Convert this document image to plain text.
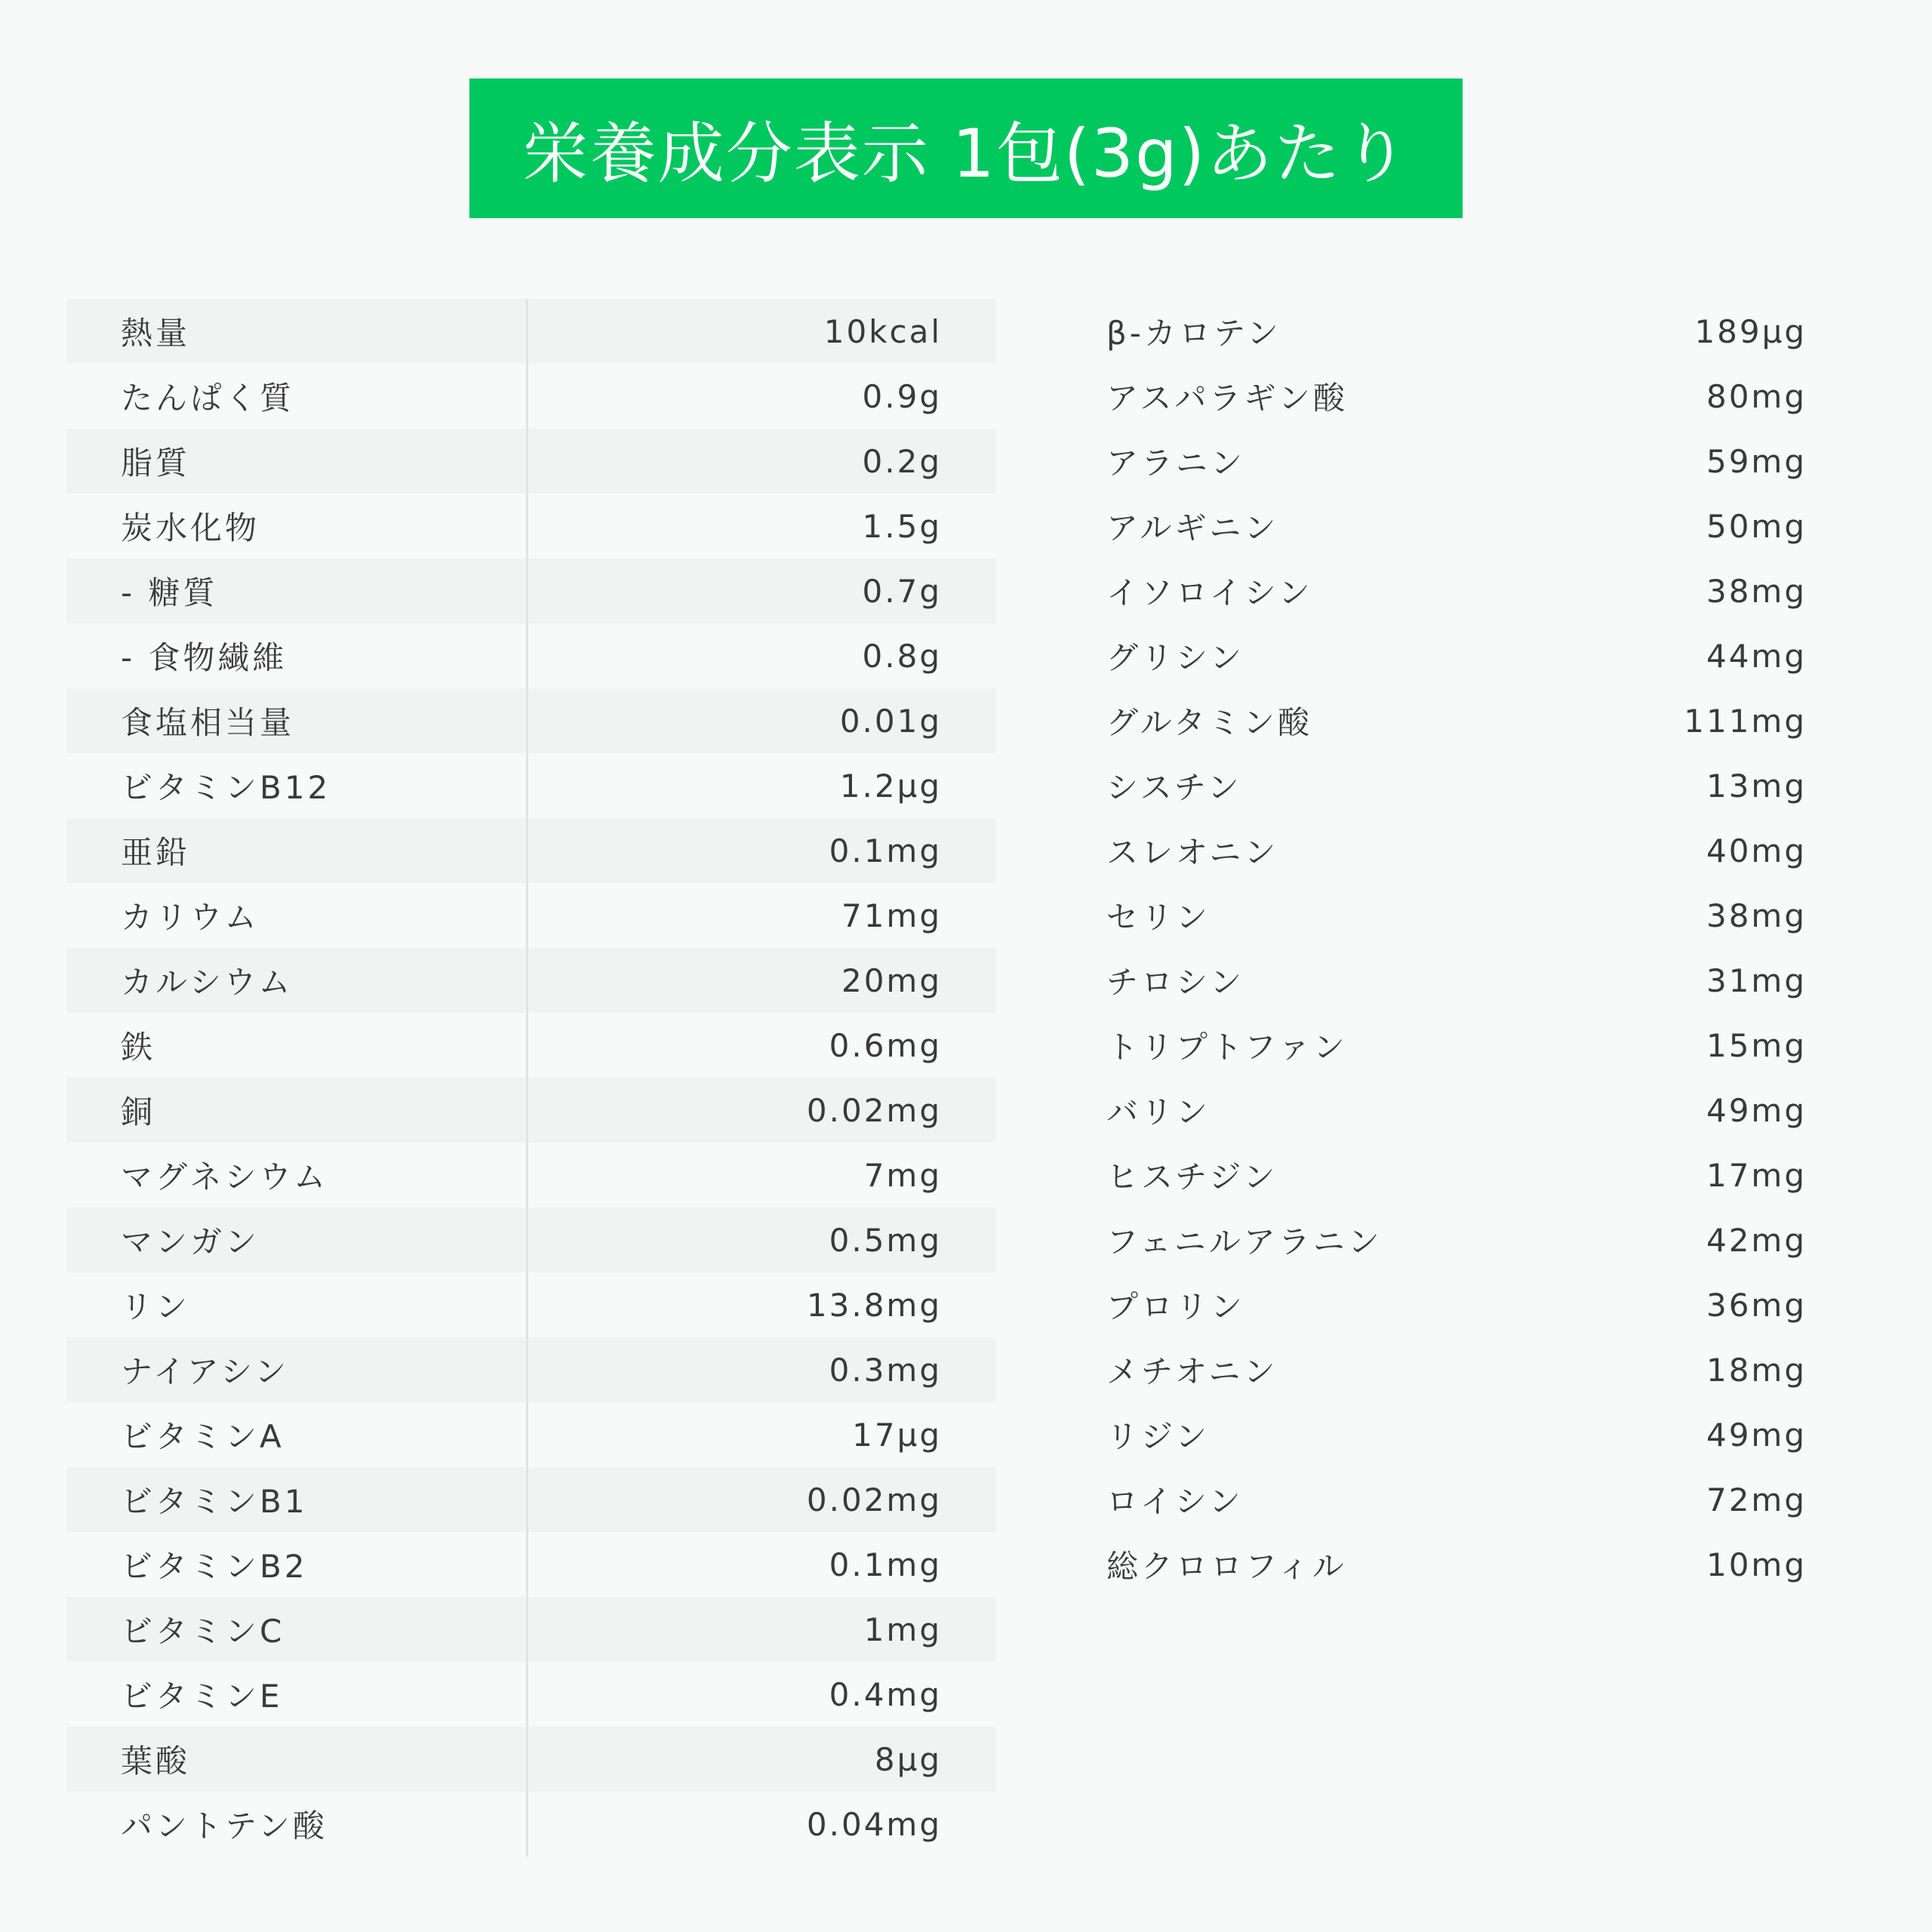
栄養成分表示 1包(3g)あたり
熱量	10kcal
たんぱく質	0.9g
脂質	0.2g
炭水化物	1.5g
- 糖質	0.7g
- 食物繊維	0.8g
食塩相当量	0.01g
ビタミンB12	1.2μg
亜鉛	0.1mg
カリウム	71mg
カルシウム	20mg
鉄	0.6mg
銅	0.02mg
マグネシウム	7mg
マンガン	0.5mg
リン	13.8mg
ナイアシン	0.3mg
ビタミンA	17μg
ビタミンB1	0.02mg
ビタミンB2	0.1mg
ビタミンC	1mg
ビタミンE	0.4mg
葉酸	8μg
パントテン酸	0.04mg
β-カロテン	189μg
アスパラギン酸	80mg
アラニン	59mg
アルギニン	50mg
イソロイシン	38mg
グリシン	44mg
グルタミン酸	111mg
シスチン	13mg
スレオニン	40mg
セリン	38mg
チロシン	31mg
トリプトファン	15mg
バリン	49mg
ヒスチジン	17mg
フェニルアラニン	42mg
プロリン	36mg
メチオニン	18mg
リジン	49mg
ロイシン	72mg
総クロロフィル	10mg
